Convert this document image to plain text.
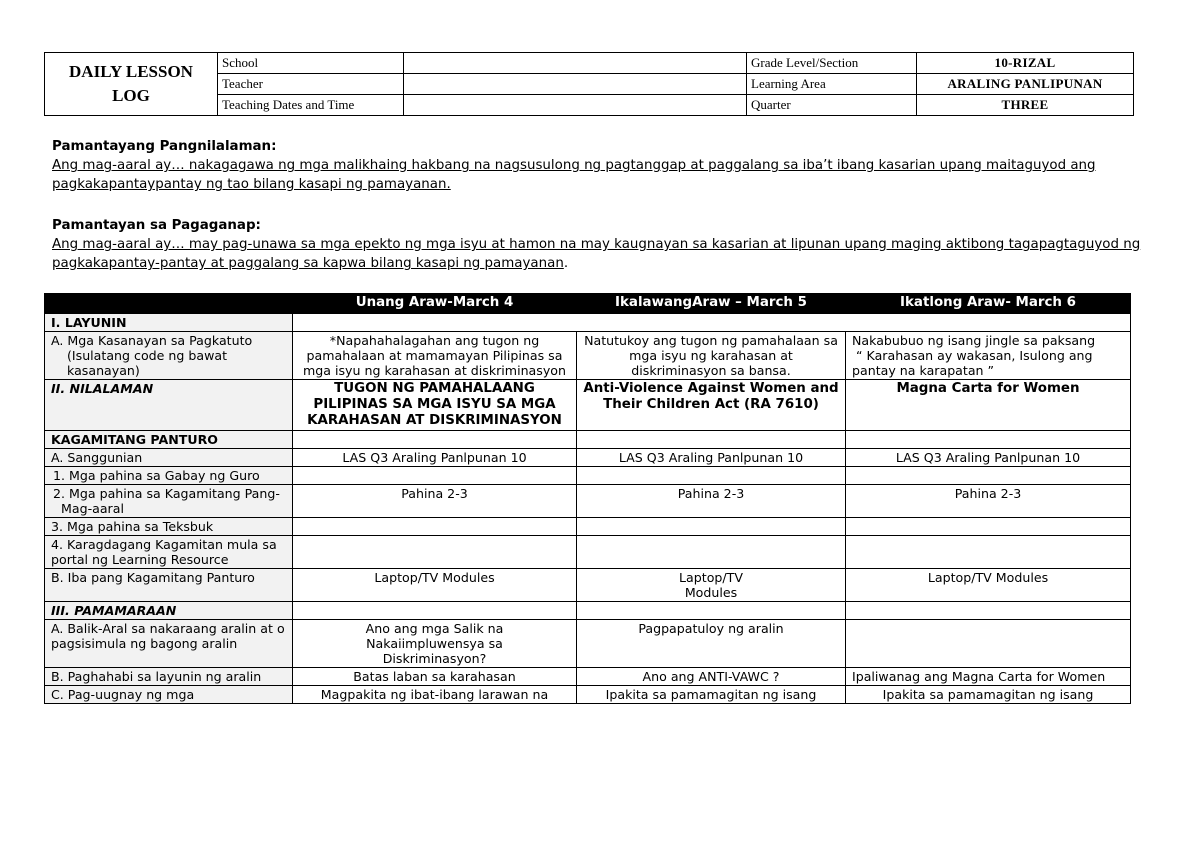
DAILY LESSON LOG	School		Grade Level/Section	10-RIZAL
	Teacher		Learning Area	ARALING PANLIPUNAN
	Teaching Dates and Time		Quarter	THREE
Pamantayang Pangnilalaman:
Ang mag-aaral ay… nakagagawa ng mga malikhaing hakbang na nagsusulong ng pagtanggap at paggalang sa iba’t ibang kasarian upang maitaguyod ang pagkakapantaypantay ng tao bilang kasapi ng pamayanan.
Pamantayan sa Pagaganap:
Ang mag-aaral ay… may pag-unawa sa mga epekto ng mga isyu at hamon na may kaugnayan sa kasarian at lipunan upang maging aktibong tagapagtaguyod ng pagkakapantay-pantay at paggalang sa kapwa bilang kasapi ng pamayanan.
	Unang Araw-March 4	IkalawangAraw – March 5	Ikatlong Araw- March 6
I. LAYUNIN			
A. Mga Kasanayan sa Pagkatuto (Isulatang code ng bawat kasanayan)	*Napahahalagahan ang tugon ng pamahalaan at mamamayan Pilipinas sa mga isyu ng karahasan at diskriminasyon	Natutukoy ang tugon ng pamahalaan sa mga isyu ng karahasan at diskriminasyon sa bansa.	Nakabubuo ng isang jingle sa paksang
“ Karahasan ay wakasan, Isulong ang pantay na karapatan ”

II. NILALAMAN	TUGON NG PAMAHALAANG PILIPINAS SA MGA ISYU SA MGA KARAHASAN AT DISKRIMINASYON	Anti-Violence Against Women and Their Children Act (RA 7610)	Magna Carta for Women
KAGAMITANG PANTURO			
A. Sanggunian	LAS Q3 Araling Panlpunan 10	LAS Q3 Araling Panlpunan 10	LAS Q3 Araling Panlpunan 10
1. Mga pahina sa Gabay ng Guro			
2. Mga pahina sa Kagamitang Pang-Mag-aaral	Pahina 2-3	Pahina 2-3	Pahina 2-3
3. Mga pahina sa Teksbuk			
4. Karagdagang Kagamitan mula sa portal ng Learning Resource			
B. Iba pang Kagamitang Panturo	Laptop/TV Modules	Laptop/TV Modules	Laptop/TV Modules
III. PAMAMARAAN			
A. Balik-Aral sa nakaraang aralin at o pagsisimula ng bagong aralin	Ano ang mga Salik na Nakaiimpluwensya sa Diskriminasyon?	Pagpapatuloy ng aralin	
B. Paghahabi sa layunin ng aralin	Batas laban sa karahasan	Ano ang ANTI-VAWC ?	Ipaliwanag ang Magna Carta for Women
C. Pag-uugnay ng mga	Magpakita ng ibat-ibang larawan na	Ipakita sa pamamagitan ng isang	Ipakita sa pamamagitan ng isang
